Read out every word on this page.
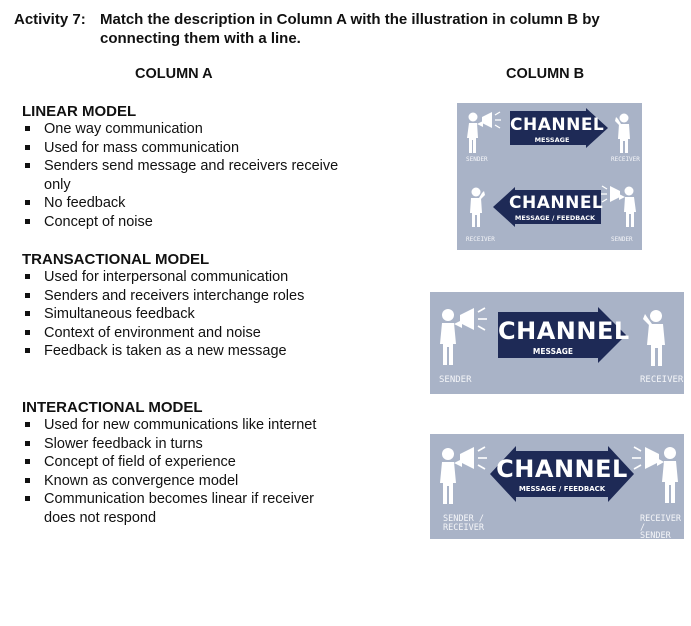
Activity 7: Match the description in Column A with the illustration in column B by connecting them with a line.
COLUMN A	COLUMN B
LINEAR MODEL
One way communication
Used for mass communication
Senders send message and receivers receive only
No feedback
Concept of noise
TRANSACTIONAL MODEL
Used for interpersonal communication
Senders and receivers interchange roles
Simultaneous feedback
Context of environment and noise
Feedback is taken as a new message
INTERACTIONAL MODEL
Used for new communications like internet
Slower feedback in turns
Concept of field of experience
Known as convergence model
Communication becomes linear if receiver does not respond
CHANNEL
MESSAGE
SENDER	RECEIVER
CHANNEL
MESSAGE / FEEDBACK
RECEIVER	SENDER
CHANNEL
MESSAGE
SENDER	RECEIVER
CHANNEL
MESSAGE / FEEDBACK
SENDER /
RECEIVER
RECEIVER /
SENDER
